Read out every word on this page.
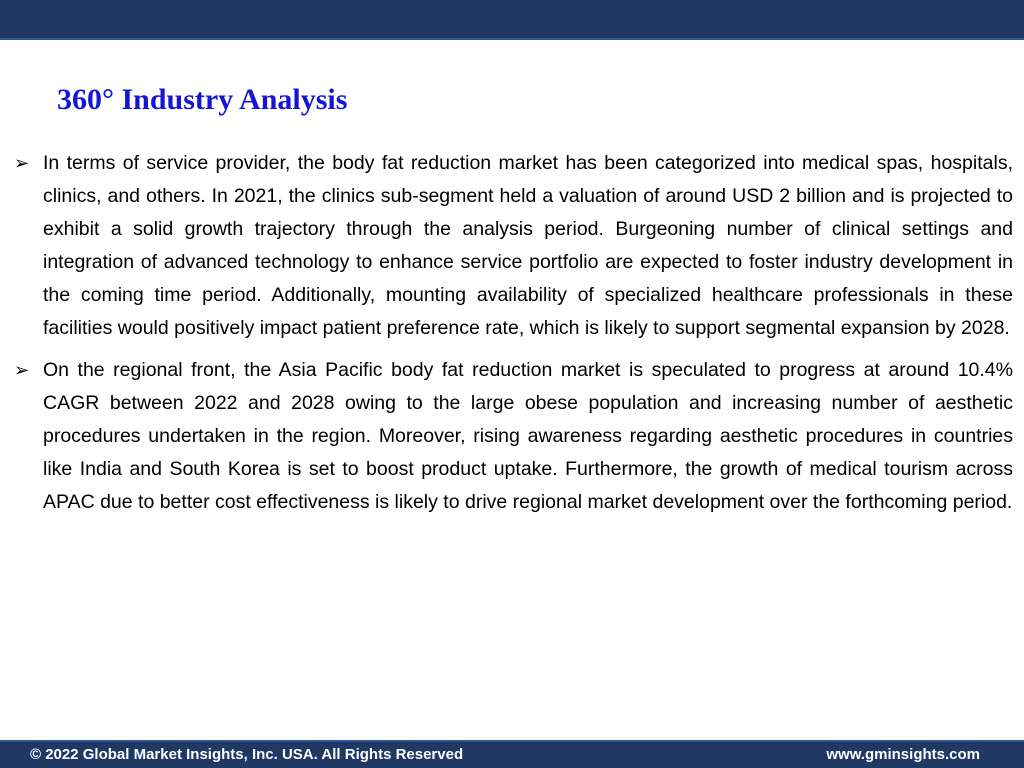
360° Industry Analysis
➢ In terms of service provider, the body fat reduction market has been categorized into medical spas, hospitals, clinics, and others. In 2021, the clinics sub-segment held a valuation of around USD 2 billion and is projected to exhibit a solid growth trajectory through the analysis period. Burgeoning number of clinical settings and integration of advanced technology to enhance service portfolio are expected to foster industry development in the coming time period. Additionally, mounting availability of specialized healthcare professionals in these facilities would positively impact patient preference rate, which is likely to support segmental expansion by 2028.
➢ On the regional front, the Asia Pacific body fat reduction market is speculated to progress at around 10.4% CAGR between 2022 and 2028 owing to the large obese population and increasing number of aesthetic procedures undertaken in the region. Moreover, rising awareness regarding aesthetic procedures in countries like India and South Korea is set to boost product uptake. Furthermore, the growth of medical tourism across APAC due to better cost effectiveness is likely to drive regional market development over the forthcoming period.
© 2022 Global Market Insights, Inc. USA. All Rights Reserved	www.gminsights.com
